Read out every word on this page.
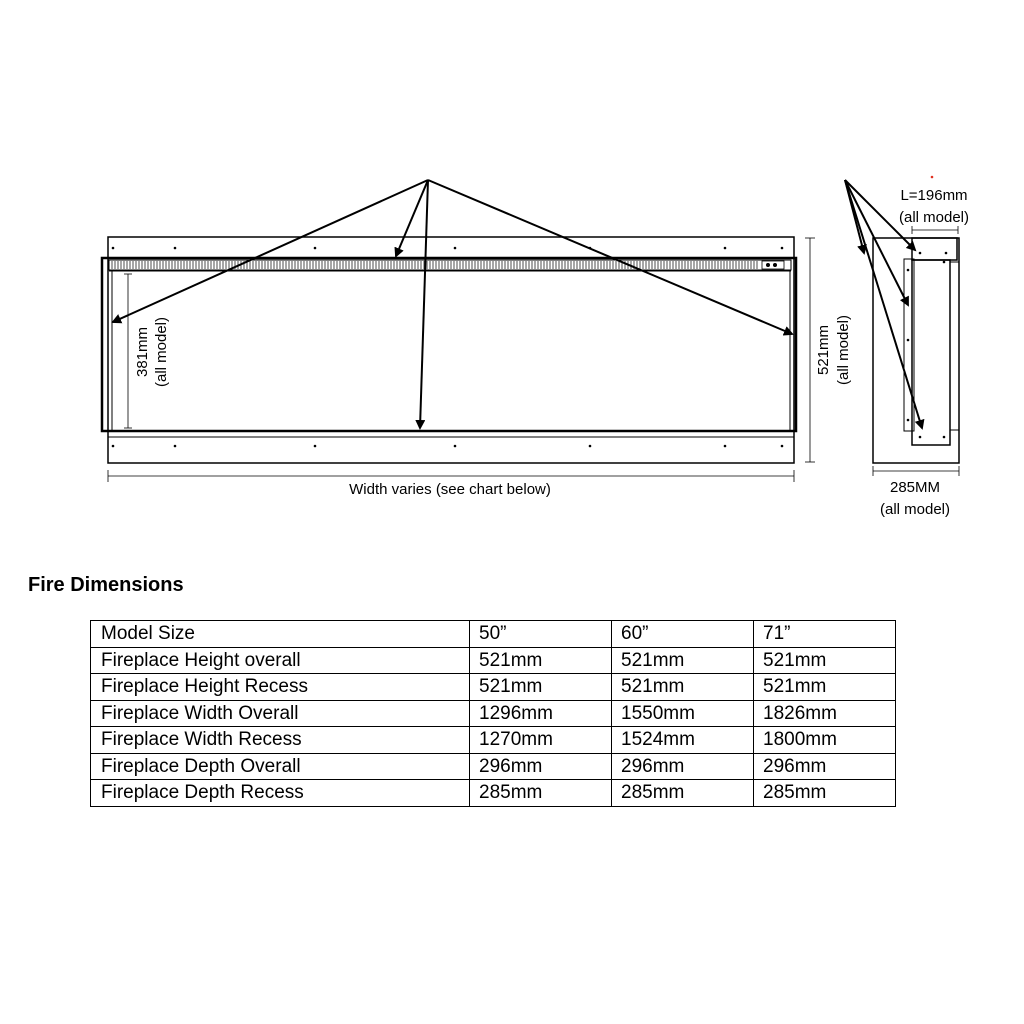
381mm (all model)	521mm (all model)
Width varies (see chart below)
L=196mm
(all model)
285MM
(all model)
Fire Dimensions
Model Size	50”	60”	71”
Fireplace Height overall	521mm	521mm	521mm
Fireplace Height Recess	521mm	521mm	521mm
Fireplace Width Overall	1296mm	1550mm	1826mm
Fireplace Width Recess	1270mm	1524mm	1800mm
Fireplace Depth Overall	296mm	296mm	296mm
Fireplace Depth Recess	285mm	285mm	285mm
